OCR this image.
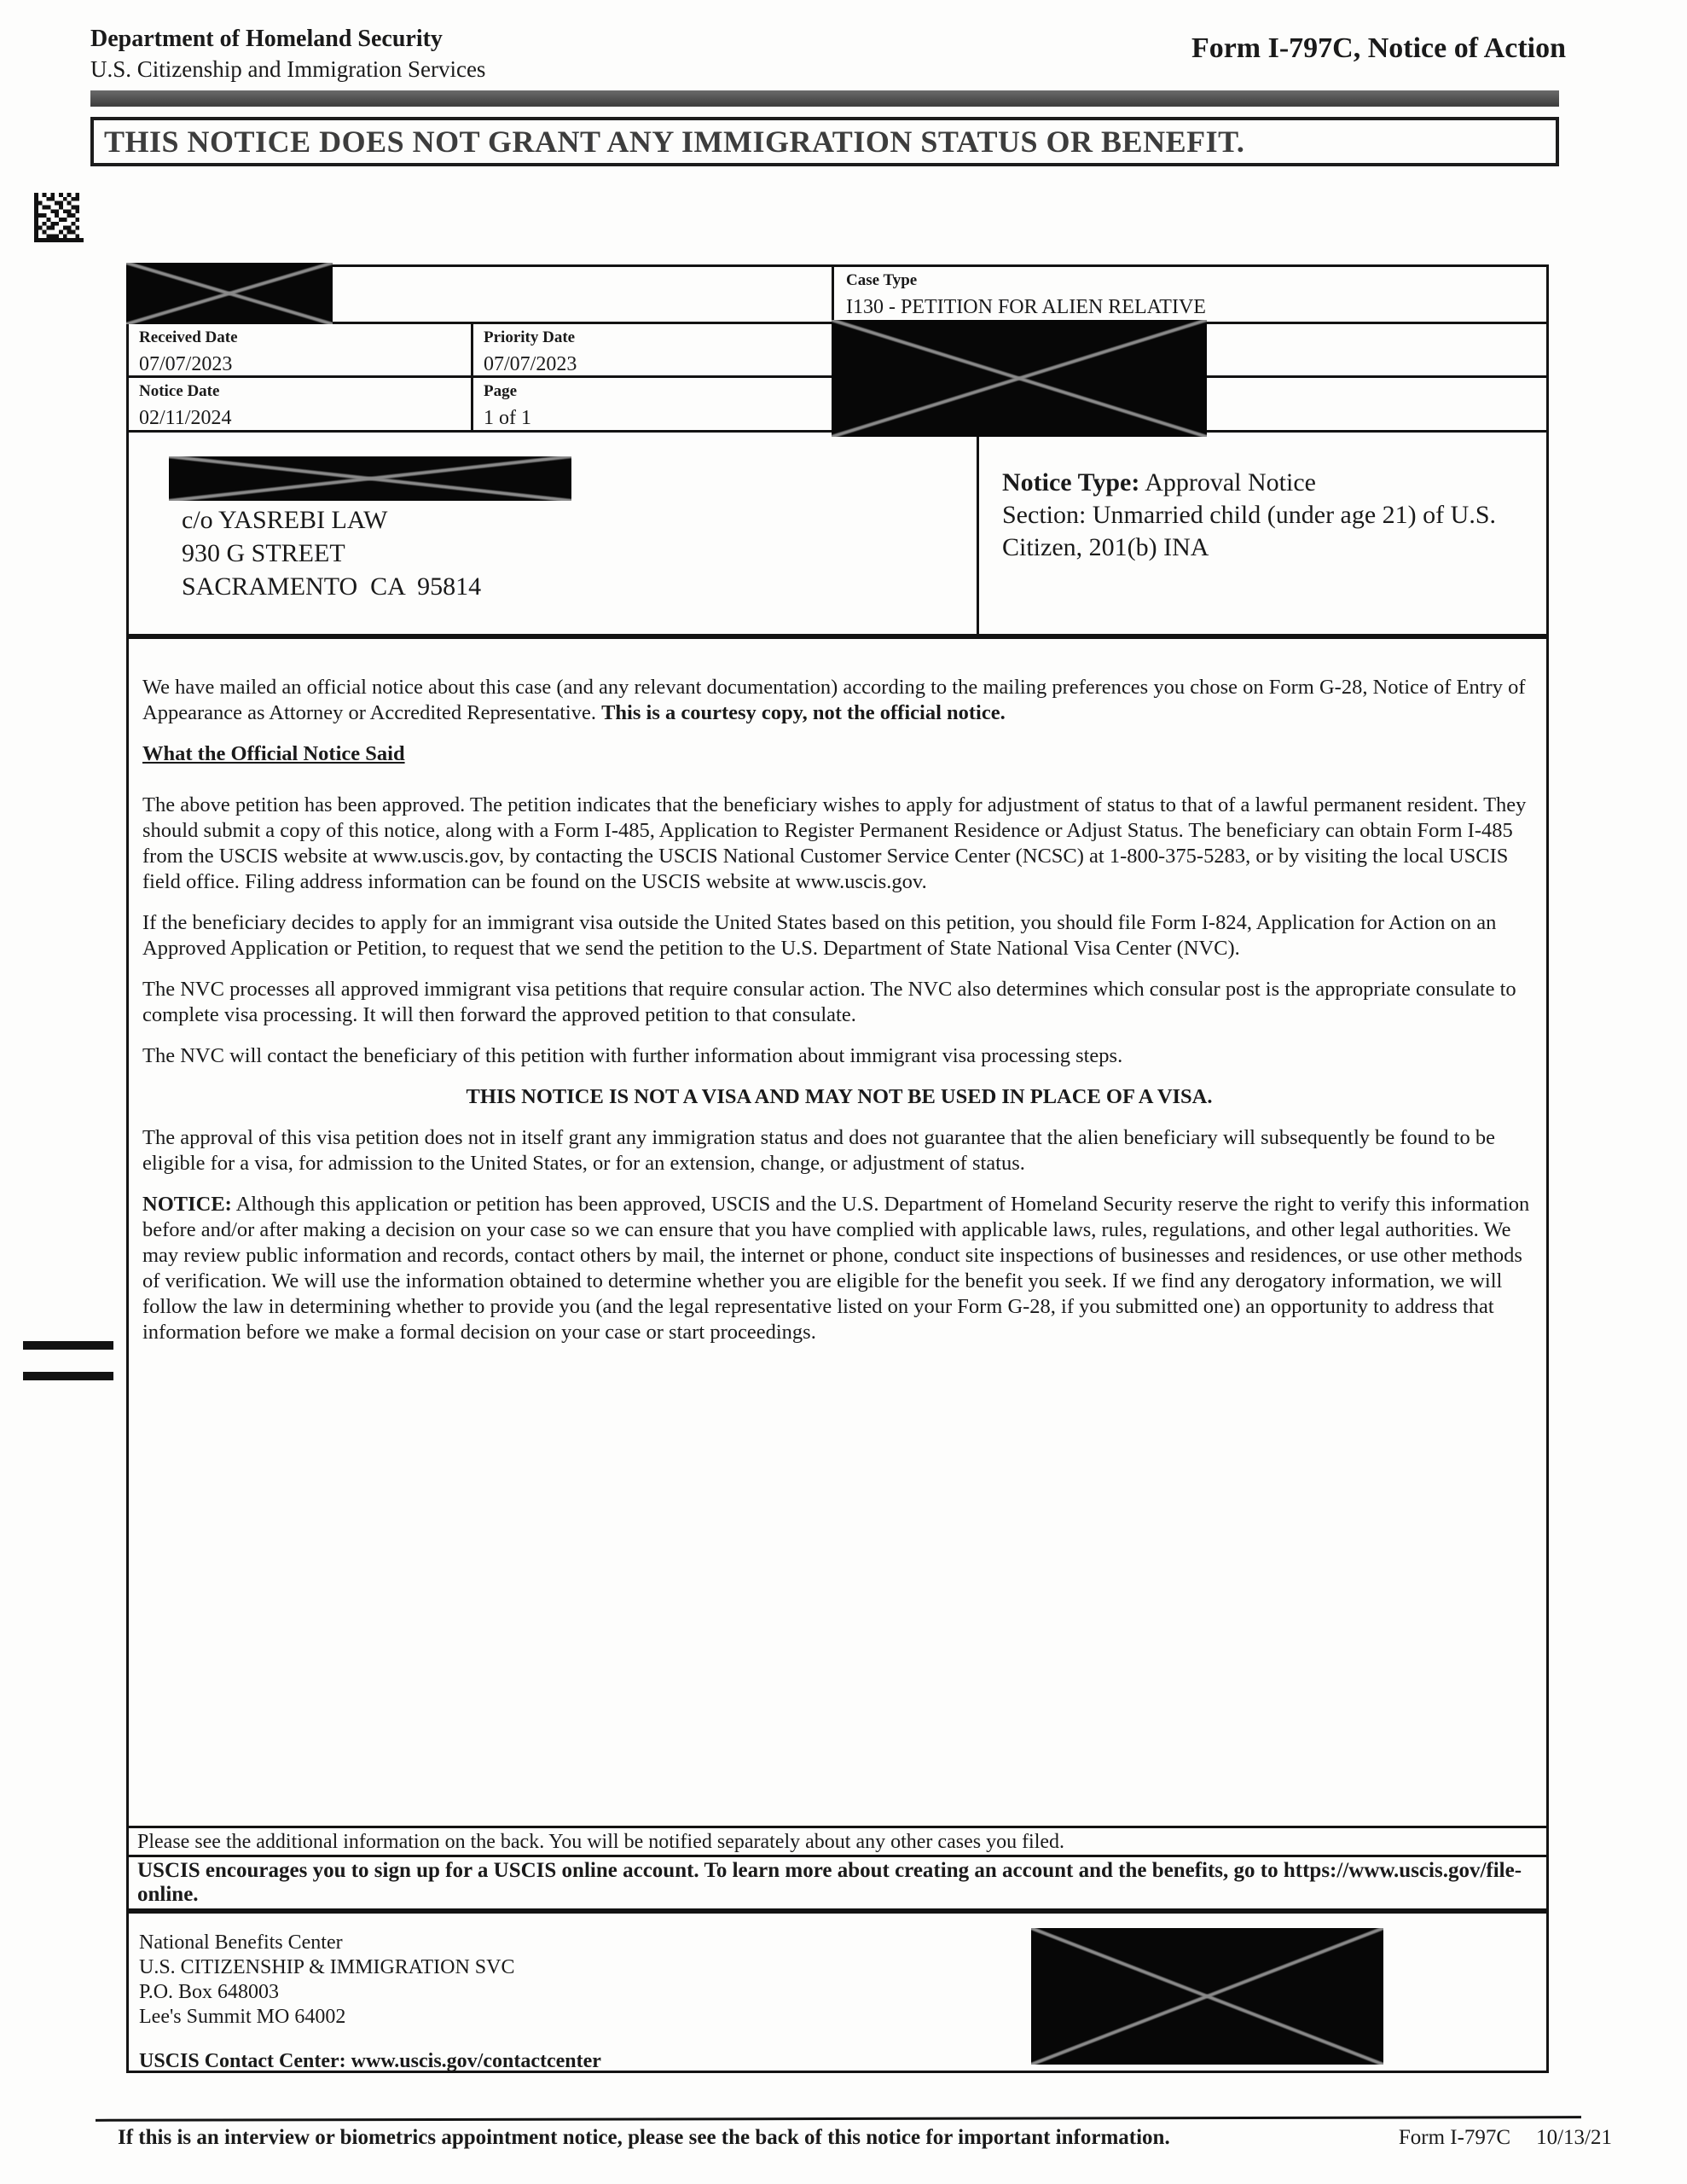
Department of Homeland Security
U.S. Citizenship and Immigration Services
Form I-797C, Notice of Action
THIS NOTICE DOES NOT GRANT ANY IMMIGRATION STATUS OR BENEFIT.
Case Type
I130 - PETITION FOR ALIEN RELATIVE
Received Date
07/07/2023
Priority Date
07/07/2023
Notice Date
02/11/2024
Page
1 of 1
c/o YASREBI LAW
930 G STREET
SACRAMENTO  CA  95814
Notice Type: Approval Notice
Section: Unmarried child (under age 21) of U.S. Citizen, 201(b) INA

We have mailed an official notice about this case (and any relevant documentation) according to the mailing preferences you chose on Form G-28, Notice of Entry of Appearance as Attorney or Accredited Representative. This is a courtesy copy, not the official notice.

What the Official Notice Said

The above petition has been approved. The petition indicates that the beneficiary wishes to apply for adjustment of status to that of a lawful permanent resident. They should submit a copy of this notice, along with a Form I-485, Application to Register Permanent Residence or Adjust Status. The beneficiary can obtain Form I-485 from the USCIS website at www.uscis.gov, by contacting the USCIS National Customer Service Center (NCSC) at 1-800-375-5283, or by visiting the local USCIS field office. Filing address information can be found on the USCIS website at www.uscis.gov.

If the beneficiary decides to apply for an immigrant visa outside the United States based on this petition, you should file Form I-824, Application for Action on an Approved Application or Petition, to request that we send the petition to the U.S. Department of State National Visa Center (NVC).

The NVC processes all approved immigrant visa petitions that require consular action. The NVC also determines which consular post is the appropriate consulate to complete visa processing. It will then forward the approved petition to that consulate.

The NVC will contact the beneficiary of this petition with further information about immigrant visa processing steps.

THIS NOTICE IS NOT A VISA AND MAY NOT BE USED IN PLACE OF A VISA.

The approval of this visa petition does not in itself grant any immigration status and does not guarantee that the alien beneficiary will subsequently be found to be eligible for a visa, for admission to the United States, or for an extension, change, or adjustment of status.

NOTICE: Although this application or petition has been approved, USCIS and the U.S. Department of Homeland Security reserve the right to verify this information before and/or after making a decision on your case so we can ensure that you have complied with applicable laws, rules, regulations, and other legal authorities. We may review public information and records, contact others by mail, the internet or phone, conduct site inspections of businesses and residences, or use other methods of verification. We will use the information obtained to determine whether you are eligible for the benefit you seek. If we find any derogatory information, we will follow the law in determining whether to provide you (and the legal representative listed on your Form G-28, if you submitted one) an opportunity to address that information before we make a formal decision on your case or start proceedings.

Please see the additional information on the back. You will be notified separately about any other cases you filed.
USCIS encourages you to sign up for a USCIS online account. To learn more about creating an account and the benefits, go to https://www.uscis.gov/file-online.
National Benefits Center
U.S. CITIZENSHIP & IMMIGRATION SVC
P.O. Box 648003
Lee's Summit MO 64002
USCIS Contact Center: www.uscis.gov/contactcenter
If this is an interview or biometrics appointment notice, please see the back of this notice for important information.	Form I-797C 10/13/21
